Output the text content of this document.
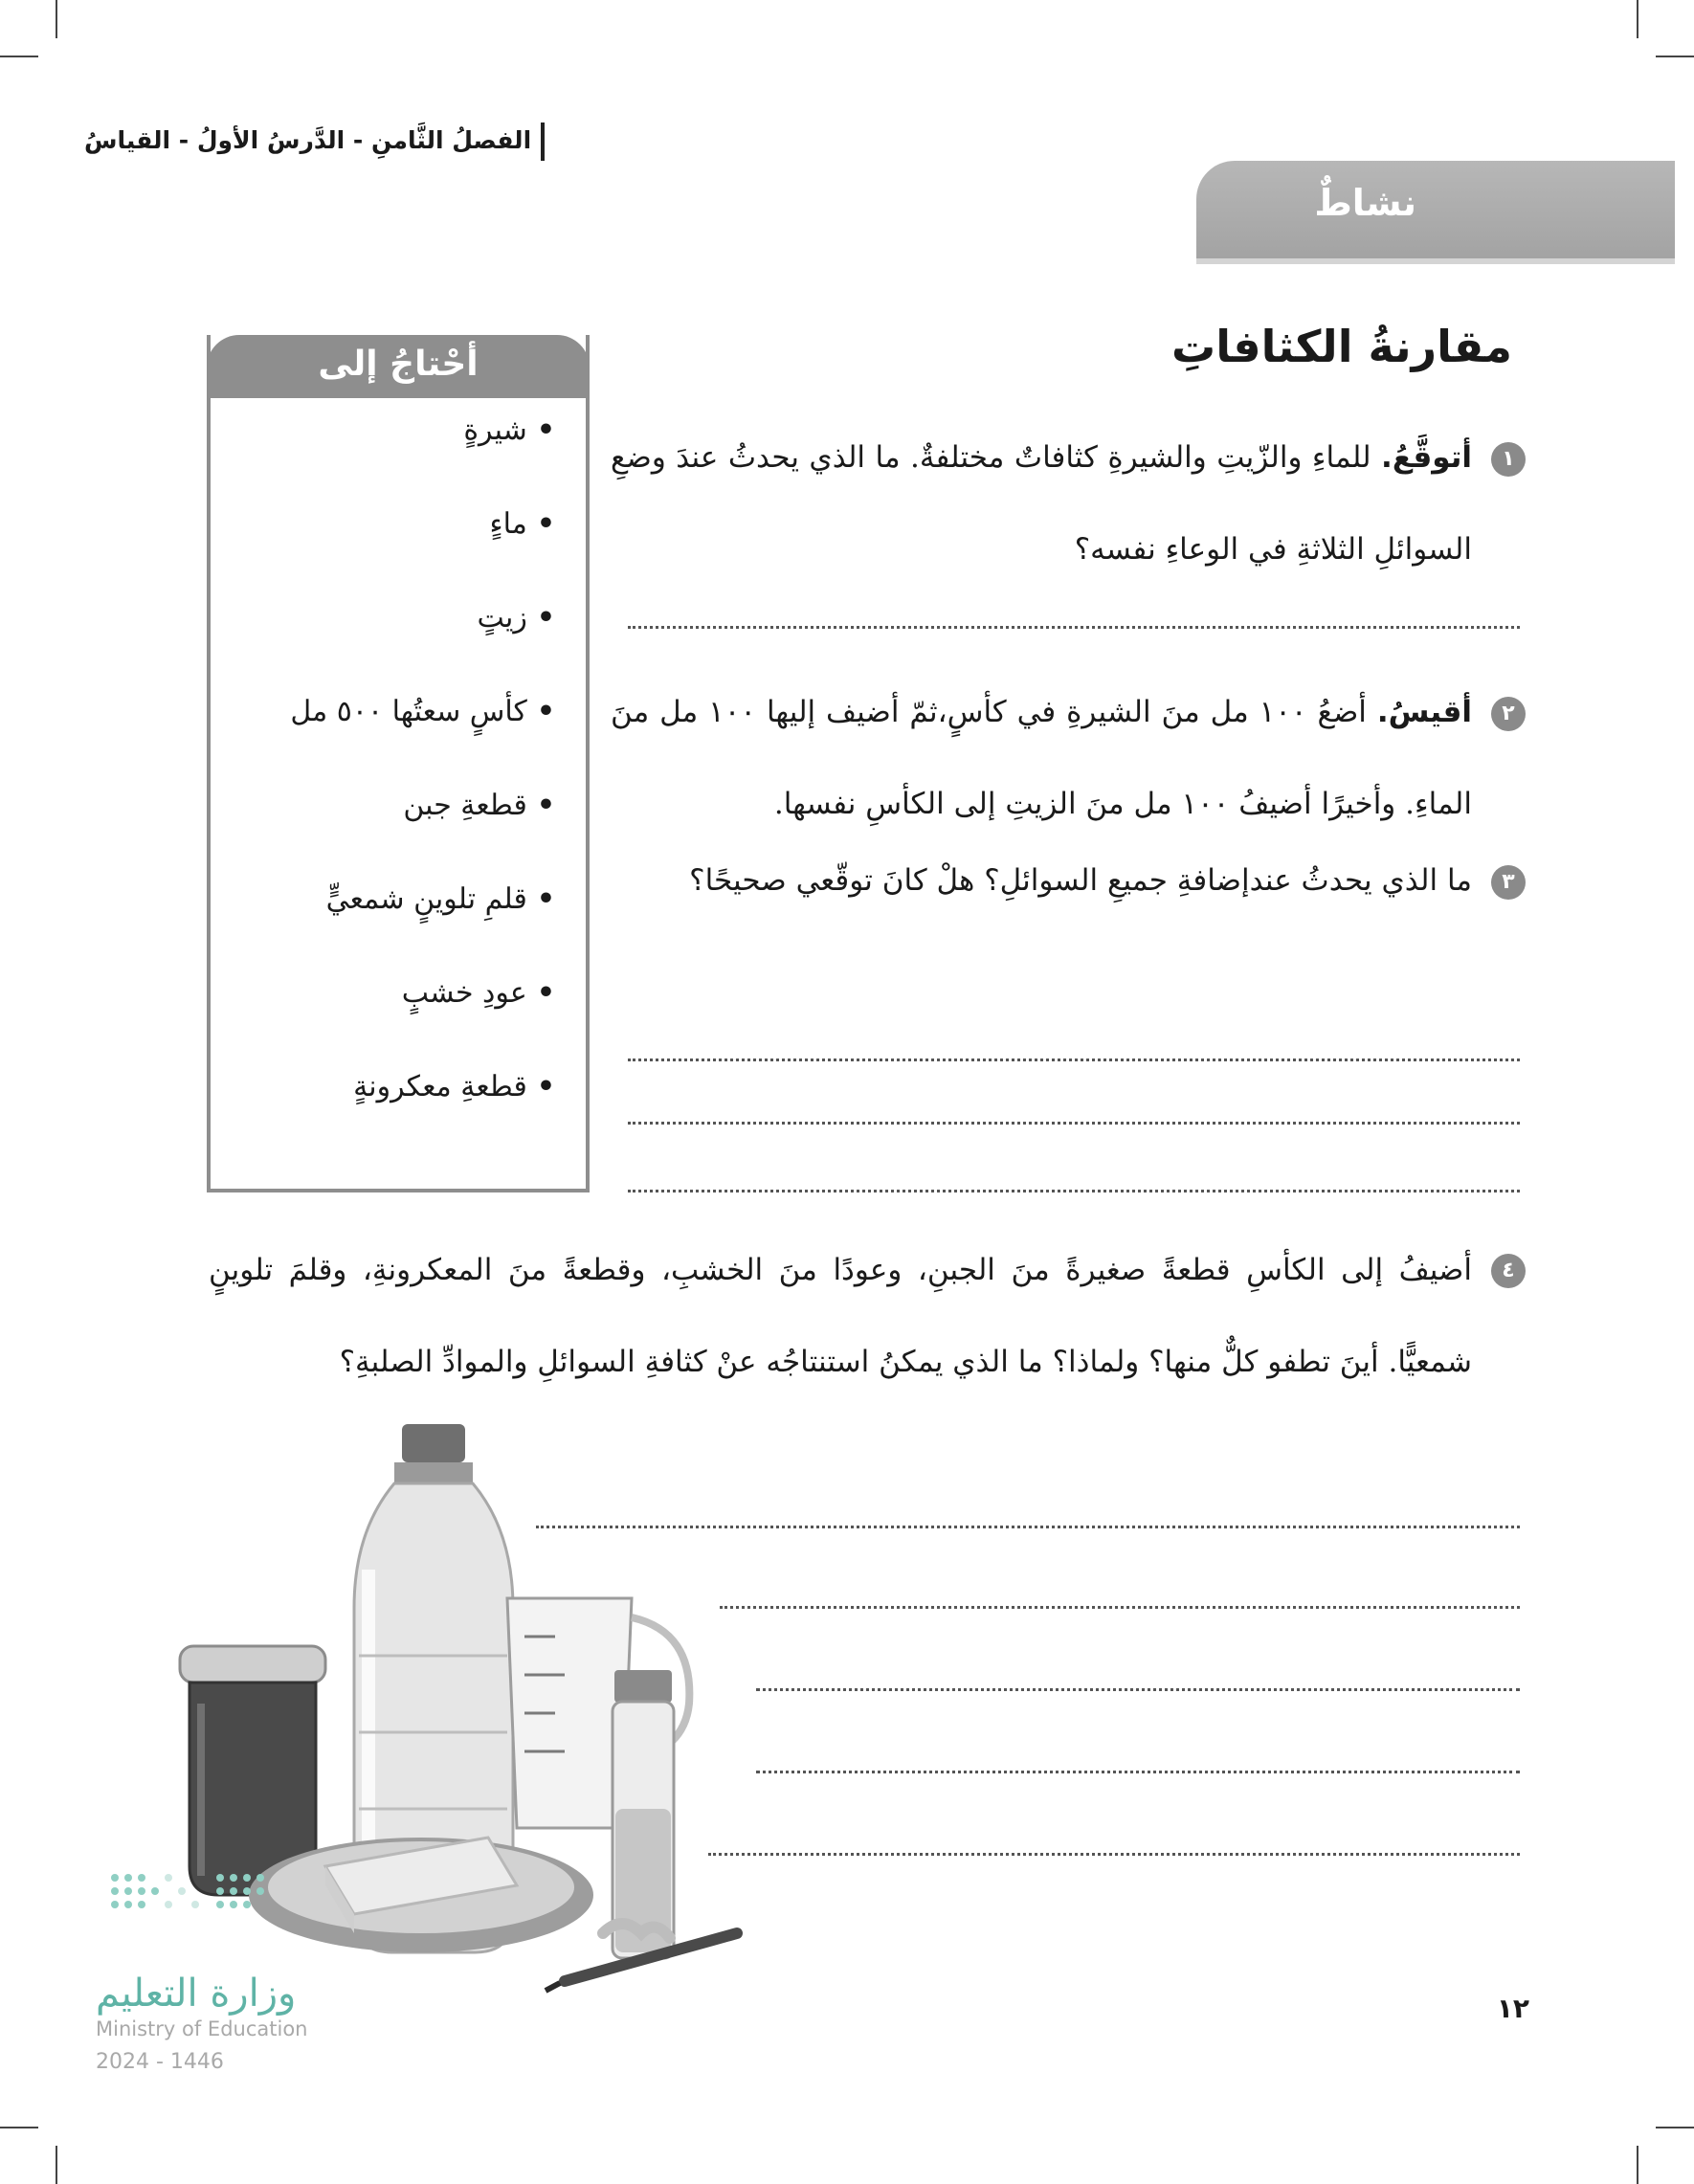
الفصلُ الثَّامنِ - الدَّرسُ الأولُ - القياسُ
نشاطٌ
مقارنةُ الكثافاتِ
أحْتاجُ إلى
• شيرةٍ
• ماءٍ
• زيتٍ
• كأسٍ سعتُها ٥٠٠ مل
• قطعةِ جبن
• قلمِ تلوينٍ شمعيٍّ
• عودِ خشبٍ
• قطعةِ معكرونةٍ
١
أتوقَّعُ. للماءِ والزّيتِ والشيرةِ كثافاتٌ مختلفةٌ. ما الذي يحدثُ عندَ وضعِ السوائلِ الثلاثةِ في الوعاءِ نفسه؟
٢
أقيسُ. أضعُ ١٠٠ مل منَ الشيرةِ في كأسٍ،ثمّ أضيف إليها ١٠٠ مل منَ الماءِ. وأخيرًا أضيفُ ١٠٠ مل منَ الزيتِ إلى الكأسِ نفسها.
٣
ما الذي يحدثُ عندإضافةِ جميعِ السوائلِ؟ هلْ كانَ توقّعي صحيحًا؟
٤
أضيفُ إلى الكأسِ قطعةً صغيرةً منَ الجبنِ، وعودًا منَ الخشبِ، وقطعةً منَ المعكرونةِ، وقلمَ تلوينٍ شمعيًّا. أينَ تطفو كلٌّ منها؟ ولماذا؟ ما الذي يمكنُ استنتاجُه عنْ كثافةِ السوائلِ والموادِّ الصلبةِ؟
وزارة التعليم
Ministry of Education
2024 - 1446
١٢
